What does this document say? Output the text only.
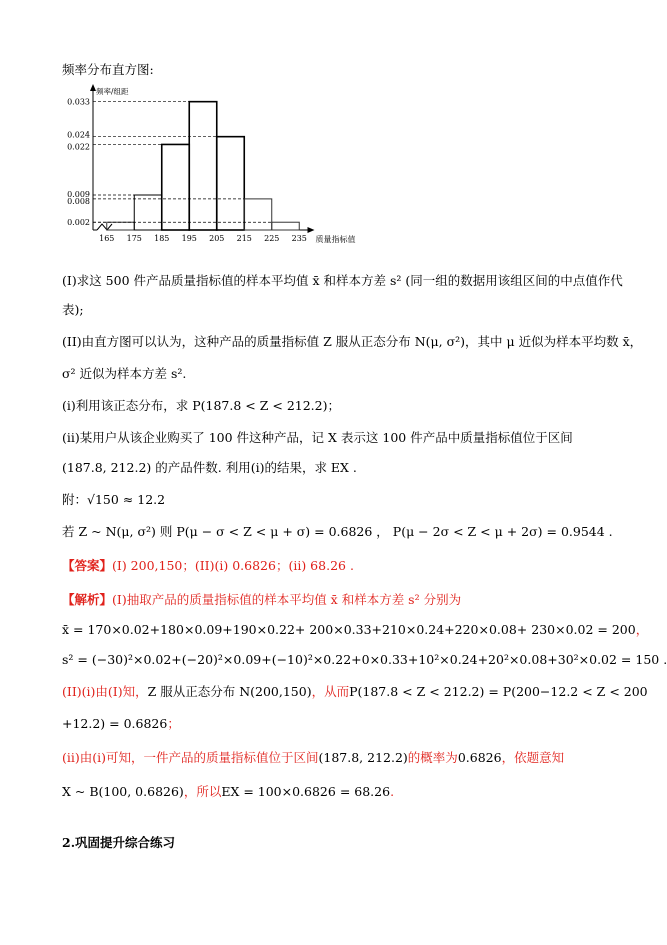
频率分布直方图:
0.033
0.024
0.022
0.009
0.008
0.002
频率/组距
165 175 185 195 205 215 225 235 质量指标值
(I)求这 500 件产品质量指标值的样本平均值 x̄ 和样本方差 s² (同一组的数据用该组区间的中点值作代
表);
(II)由直方图可以认为，这种产品的质量指标值 Z 服从正态分布 N(μ, σ²)，其中 μ 近似为样本平均数 x̄，
σ² 近似为样本方差 s².
(i)利用该正态分布，求 P(187.8 < Z < 212.2)；
(ii)某用户从该企业购买了 100 件这种产品，记 X 表示这 100 件产品中质量指标值位于区间
(187.8, 212.2) 的产品件数. 利用(i)的结果，求 EX .
附：√150 ≈ 12.2
若 Z ~ N(μ, σ²) 则 P(μ − σ < Z < μ + σ) = 0.6826 ， P(μ − 2σ < Z < μ + 2σ) = 0.9544 .
【答案】(I) 200,150；(II)(i) 0.6826；(ii) 68.26 .
【解析】(I)抽取产品的质量指标值的样本平均值 x̄ 和样本方差 s² 分别为
x̄ = 170×0.02+180×0.09+190×0.22+ 200×0.33+210×0.24+220×0.08+ 230×0.02 = 200，
s² = (−30)²×0.02+(−20)²×0.09+(−10)²×0.22+0×0.33+10²×0.24+20²×0.08+30²×0.02 = 150 .
(II)(i)由(I)知，Z 服从正态分布 N(200,150)，从而P(187.8 < Z < 212.2) = P(200−12.2 < Z < 200
+12.2) = 0.6826；
(ii)由(i)可知，一件产品的质量指标值位于区间(187.8, 212.2)的概率为0.6826，依题意知
X ~ B(100, 0.6826)，所以EX = 100×0.6826 = 68.26.
2.巩固提升综合练习
